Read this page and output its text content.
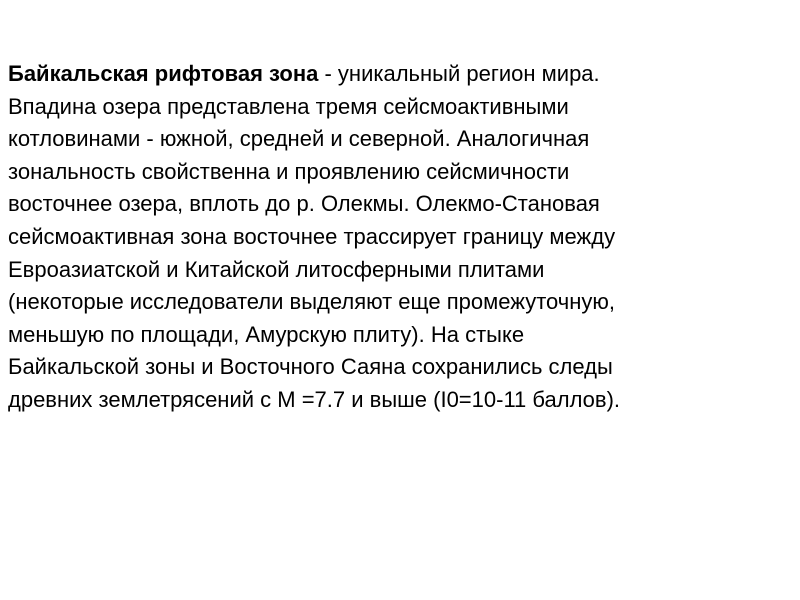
Байкальская рифтовая зона - уникальный регион мира.
Впадина озера представлена тремя сейсмоактивными
котловинами - южной, средней и северной. Аналогичная
зональность свойственна и проявлению сейсмичности
восточнее озера, вплоть до р. Олекмы. Олекмо-Становая
сейсмоактивная зона восточнее трассирует границу между
Евроазиатской и Китайской литосферными плитами
(некоторые исследователи выделяют еще промежуточную,
меньшую по площади, Амурскую плиту). На стыке
Байкальской зоны и Восточного Саяна сохранились следы
древних землетрясений с М =7.7 и выше (I0=10-11 баллов).
